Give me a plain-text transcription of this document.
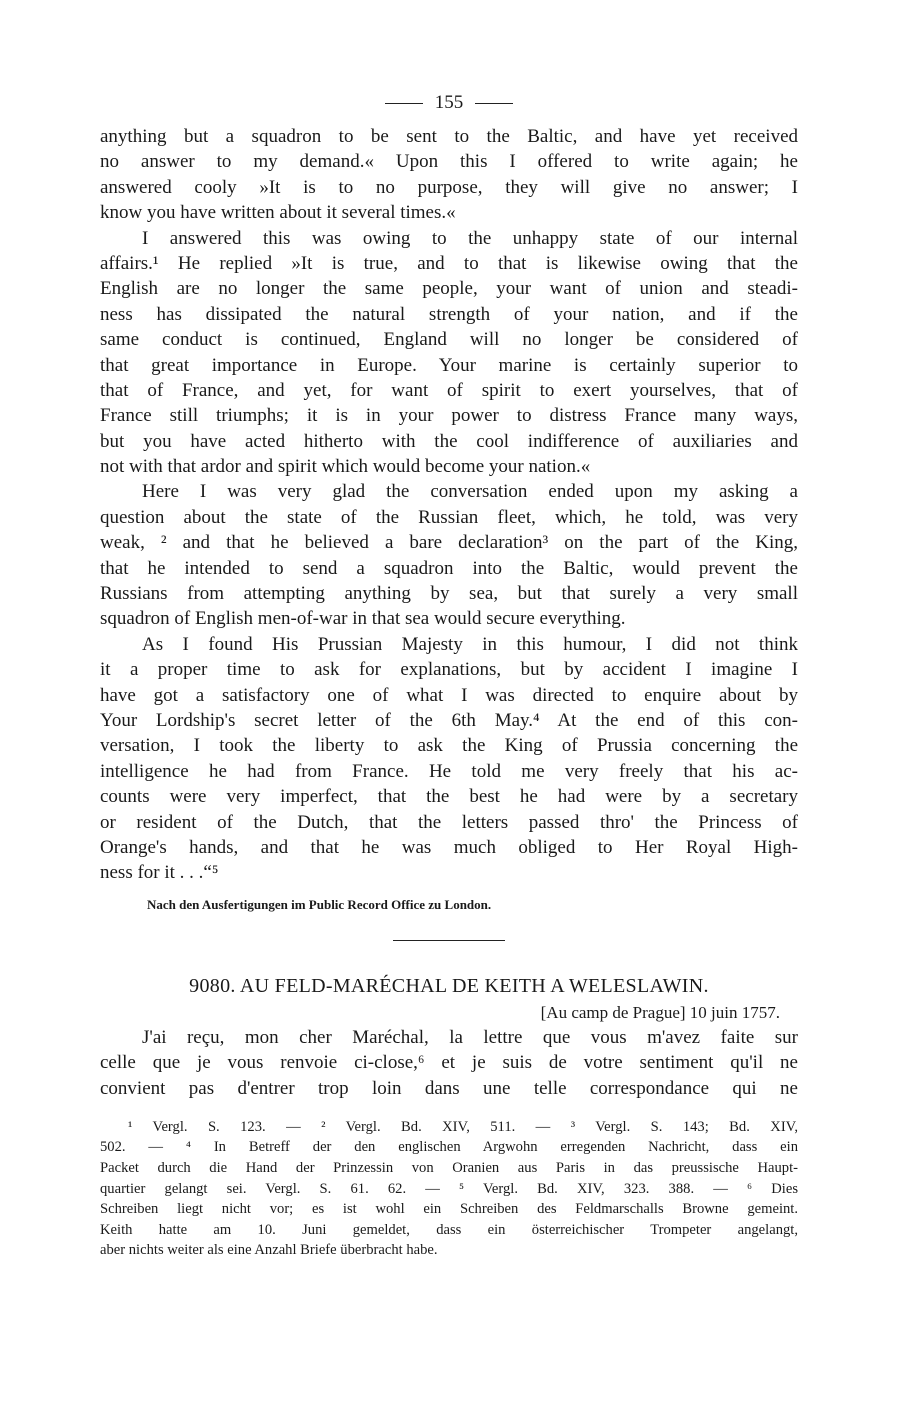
155
anything but a squadron to be sent to the Baltic, and have yet received
no answer to my demand.« Upon this I offered to write again; he
answered cooly »It is to no purpose, they will give no answer; I
know you have written about it several times.«
I answered this was owing to the unhappy state of our internal
affairs.¹ He replied »It is true, and to that is likewise owing that the
English are no longer the same people, your want of union and steadi-
ness has dissipated the natural strength of your nation, and if the
same conduct is continued, England will no longer be considered of
that great importance in Europe. Your marine is certainly superior to
that of France, and yet, for want of spirit to exert yourselves, that of
France still triumphs; it is in your power to distress France many ways,
but you have acted hitherto with the cool indifference of auxiliaries and
not with that ardor and spirit which would become your nation.«
Here I was very glad the conversation ended upon my asking a
question about the state of the Russian fleet, which, he told, was very
weak, ² and that he believed a bare declaration³ on the part of the King,
that he intended to send a squadron into the Baltic, would prevent the
Russians from attempting anything by sea, but that surely a very small
squadron of English men-of-war in that sea would secure everything.
As I found His Prussian Majesty in this humour, I did not think
it a proper time to ask for explanations, but by accident I imagine I
have got a satisfactory one of what I was directed to enquire about by
Your Lordship's secret letter of the 6th May.⁴ At the end of this con-
versation, I took the liberty to ask the King of Prussia concerning the
intelligence he had from France. He told me very freely that his ac-
counts were very imperfect, that the best he had were by a secretary
or resident of the Dutch, that the letters passed thro' the Princess of
Orange's hands, and that he was much obliged to Her Royal High-
ness for it . . .“⁵
Nach den Ausfertigungen im Public Record Office zu London.
9080. AU FELD-MARÉCHAL DE KEITH A WELESLAWIN.
[Au camp de Prague] 10 juin 1757.
J'ai reçu, mon cher Maréchal, la lettre que vous m'avez faite sur
celle que je vous renvoie ci-close,⁶ et je suis de votre sentiment qu'il ne
convient pas d'entrer trop loin dans une telle correspondance qui ne
¹ Vergl. S. 123. — ² Vergl. Bd. XIV, 511. — ³ Vergl. S. 143; Bd. XIV,
502. — ⁴ In Betreff der den englischen Argwohn erregenden Nachricht, dass ein
Packet durch die Hand der Prinzessin von Oranien aus Paris in das preussische Haupt-
quartier gelangt sei. Vergl. S. 61. 62. — ⁵ Vergl. Bd. XIV, 323. 388. — ⁶ Dies
Schreiben liegt nicht vor; es ist wohl ein Schreiben des Feldmarschalls Browne gemeint.
Keith hatte am 10. Juni gemeldet, dass ein österreichischer Trompeter angelangt,
aber nichts weiter als eine Anzahl Briefe überbracht habe.
